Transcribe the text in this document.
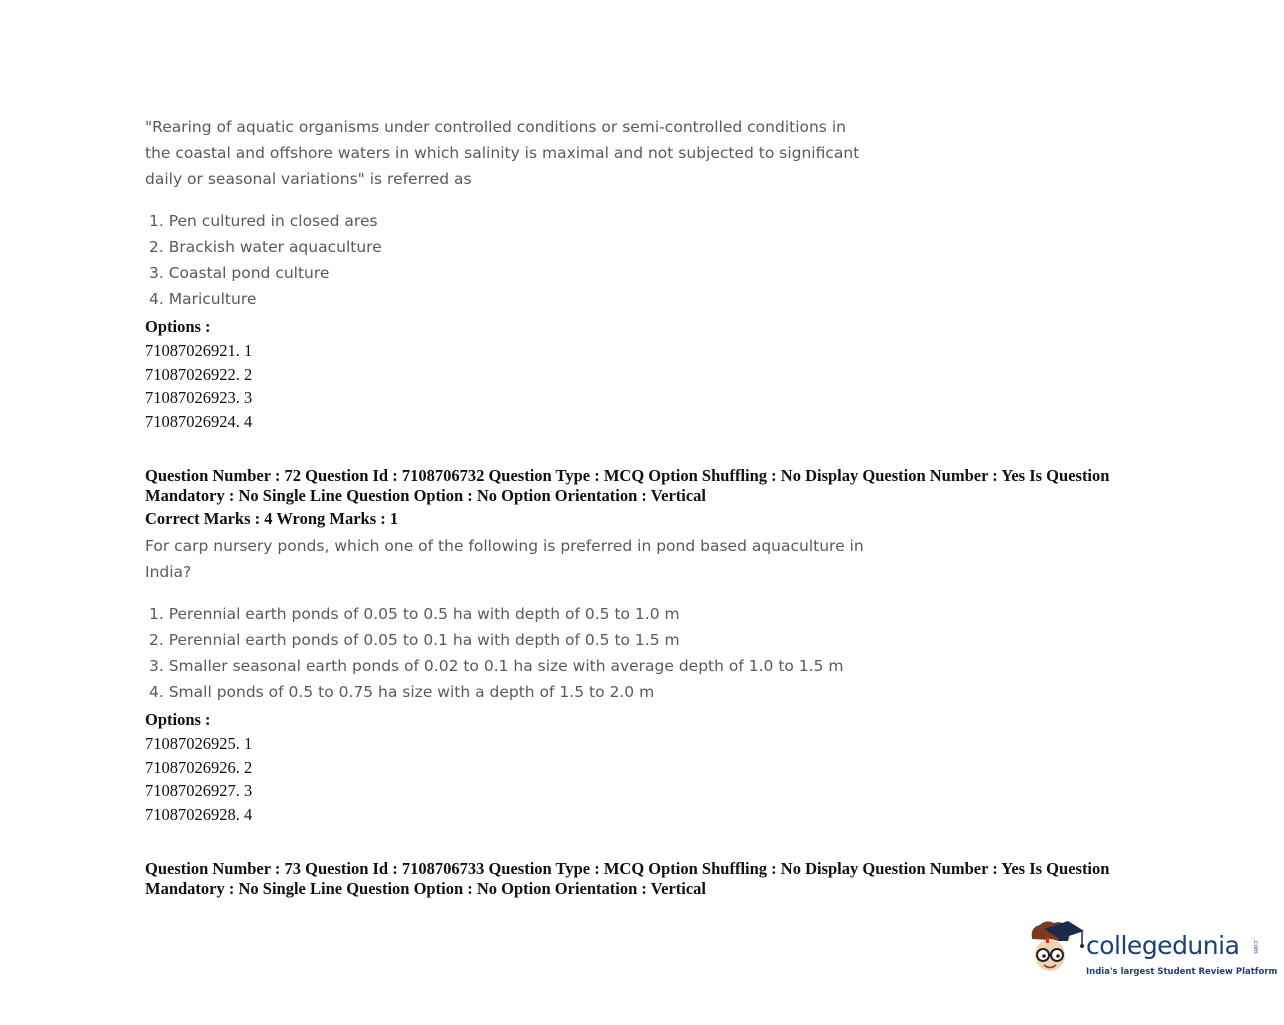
"Rearing of aquatic organisms under controlled conditions or semi-controlled conditions in
the coastal and offshore waters in which salinity is maximal and not subjected to significant
daily or seasonal variations" is referred as
1. Pen cultured in closed ares
2. Brackish water aquaculture
3. Coastal pond culture
4. Mariculture
Options :
71087026921. 1
71087026922. 2
71087026923. 3
71087026924. 4
Question Number : 72 Question Id : 7108706732 Question Type : MCQ Option Shuffling : No Display Question Number : Yes Is Question Mandatory : No Single Line Question Option : No Option Orientation : Vertical
Correct Marks : 4 Wrong Marks : 1
For carp nursery ponds, which one of the following is preferred in pond based aquaculture in
India?
1. Perennial earth ponds of 0.05 to 0.5 ha with depth of 0.5 to 1.0 m
2. Perennial earth ponds of 0.05 to 0.1 ha with depth of 0.5 to 1.5 m
3. Smaller seasonal earth ponds of 0.02 to 0.1 ha size with average depth of 1.0 to 1.5 m
4. Small ponds of 0.5 to 0.75 ha size with a depth of 1.5 to 2.0 m
Options :
71087026925. 1
71087026926. 2
71087026927. 3
71087026928. 4
Question Number : 73 Question Id : 7108706733 Question Type : MCQ Option Shuffling : No Display Question Number : Yes Is Question Mandatory : No Single Line Question Option : No Option Orientation : Vertical
collegedunia .com
India's largest Student Review Platform
